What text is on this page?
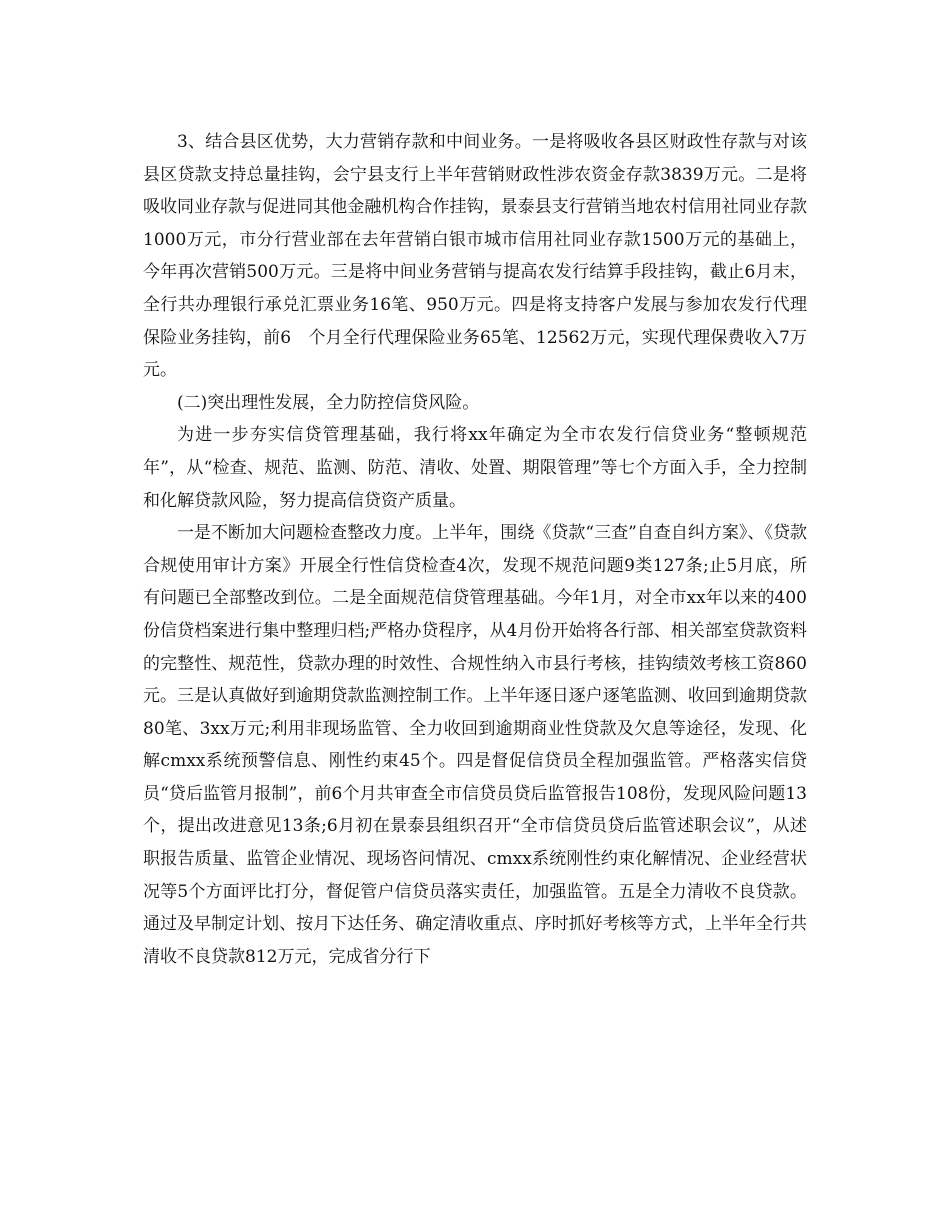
3、结合县区优势，大力营销存款和中间业务。一是将吸收各县区财政性存款与对该县区贷款支持总量挂钩，会宁县支行上半年营销财政性涉农资金存款3839万元。二是将吸收同业存款与促进同其他金融机构合作挂钩，景泰县支行营销当地农村信用社同业存款1000万元，市分行营业部在去年营销白银市城市信用社同业存款1500万元的基础上，今年再次营销500万元。三是将中间业务营销与提高农发行结算手段挂钩，截止6月末，全行共办理银行承兑汇票业务16笔、950万元。四是将支持客户发展与参加农发行代理保险业务挂钩，前6　个月全行代理保险业务65笔、12562万元，实现代理保费收入7万元。

(二)突出理性发展，全力防控信贷风险。

为进一步夯实信贷管理基础，我行将xx年确定为全市农发行信贷业务“整顿规范年”，从“检查、规范、监测、防范、清收、处置、期限管理”等七个方面入手，全力控制和化解贷款风险，努力提高信贷资产质量。

一是不断加大问题检查整改力度。上半年，围绕《贷款“三查”自查自纠方案》、《贷款合规使用审计方案》开展全行性信贷检查4次，发现不规范问题9类127条;止5月底，所有问题已全部整改到位。二是全面规范信贷管理基础。今年1月，对全市xx年以来的400份信贷档案进行集中整理归档;严格办贷程序，从4月份开始将各行部、相关部室贷款资料的完整性、规范性，贷款办理的时效性、合规性纳入市县行考核，挂钩绩效考核工资860元。三是认真做好到逾期贷款监测控制工作。上半年逐日逐户逐笔监测、收回到逾期贷款80笔、3xx万元;利用非现场监管、全力收回到逾期商业性贷款及欠息等途径，发现、化解cmxx系统预警信息、刚性约束45个。四是督促信贷员全程加强监管。严格落实信贷员“贷后监管月报制”，前6个月共审查全市信贷员贷后监管报告108份，发现风险问题13个，提出改进意见13条;6月初在景泰县组织召开“全市信贷员贷后监管述职会议”，从述职报告质量、监管企业情况、现场咨问情况、cmxx系统刚性约束化解情况、企业经营状况等5个方面评比打分，督促管户信贷员落实责任，加强监管。五是全力清收不良贷款。通过及早制定计划、按月下达任务、确定清收重点、序时抓好考核等方式，上半年全行共清收不良贷款812万元，完成省分行下
